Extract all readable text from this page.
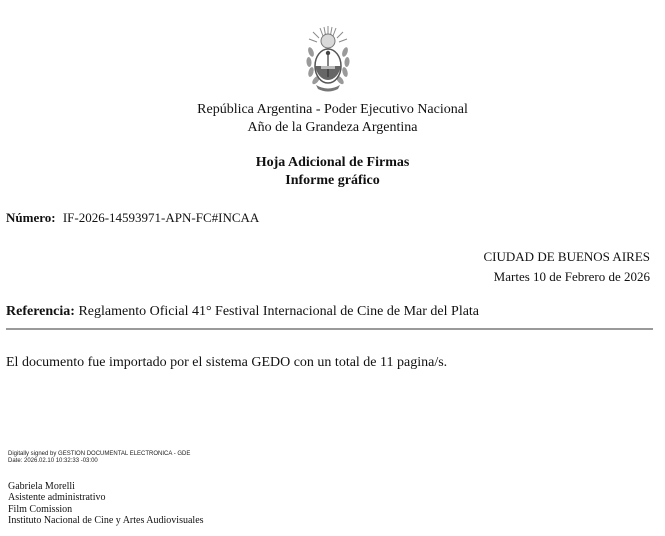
República Argentina - Poder Ejecutivo Nacional
Año de la Grandeza Argentina
Hoja Adicional de Firmas
Informe gráfico
Número: IF-2026-14593971-APN-FC#INCAA
CIUDAD DE BUENOS AIRES
Martes 10 de Febrero de 2026
Referencia: Reglamento Oficial 41° Festival Internacional de Cine de Mar del Plata
El documento fue importado por el sistema GEDO con un total de 11 pagina/s.
Digitally signed by GESTION DOCUMENTAL ELECTRONICA - GDE
Date: 2026.02.10 10:32:33 -03:00
Gabriela Morelli
Asistente administrativo
Film Comission
Instituto Nacional de Cine y Artes Audiovisuales
